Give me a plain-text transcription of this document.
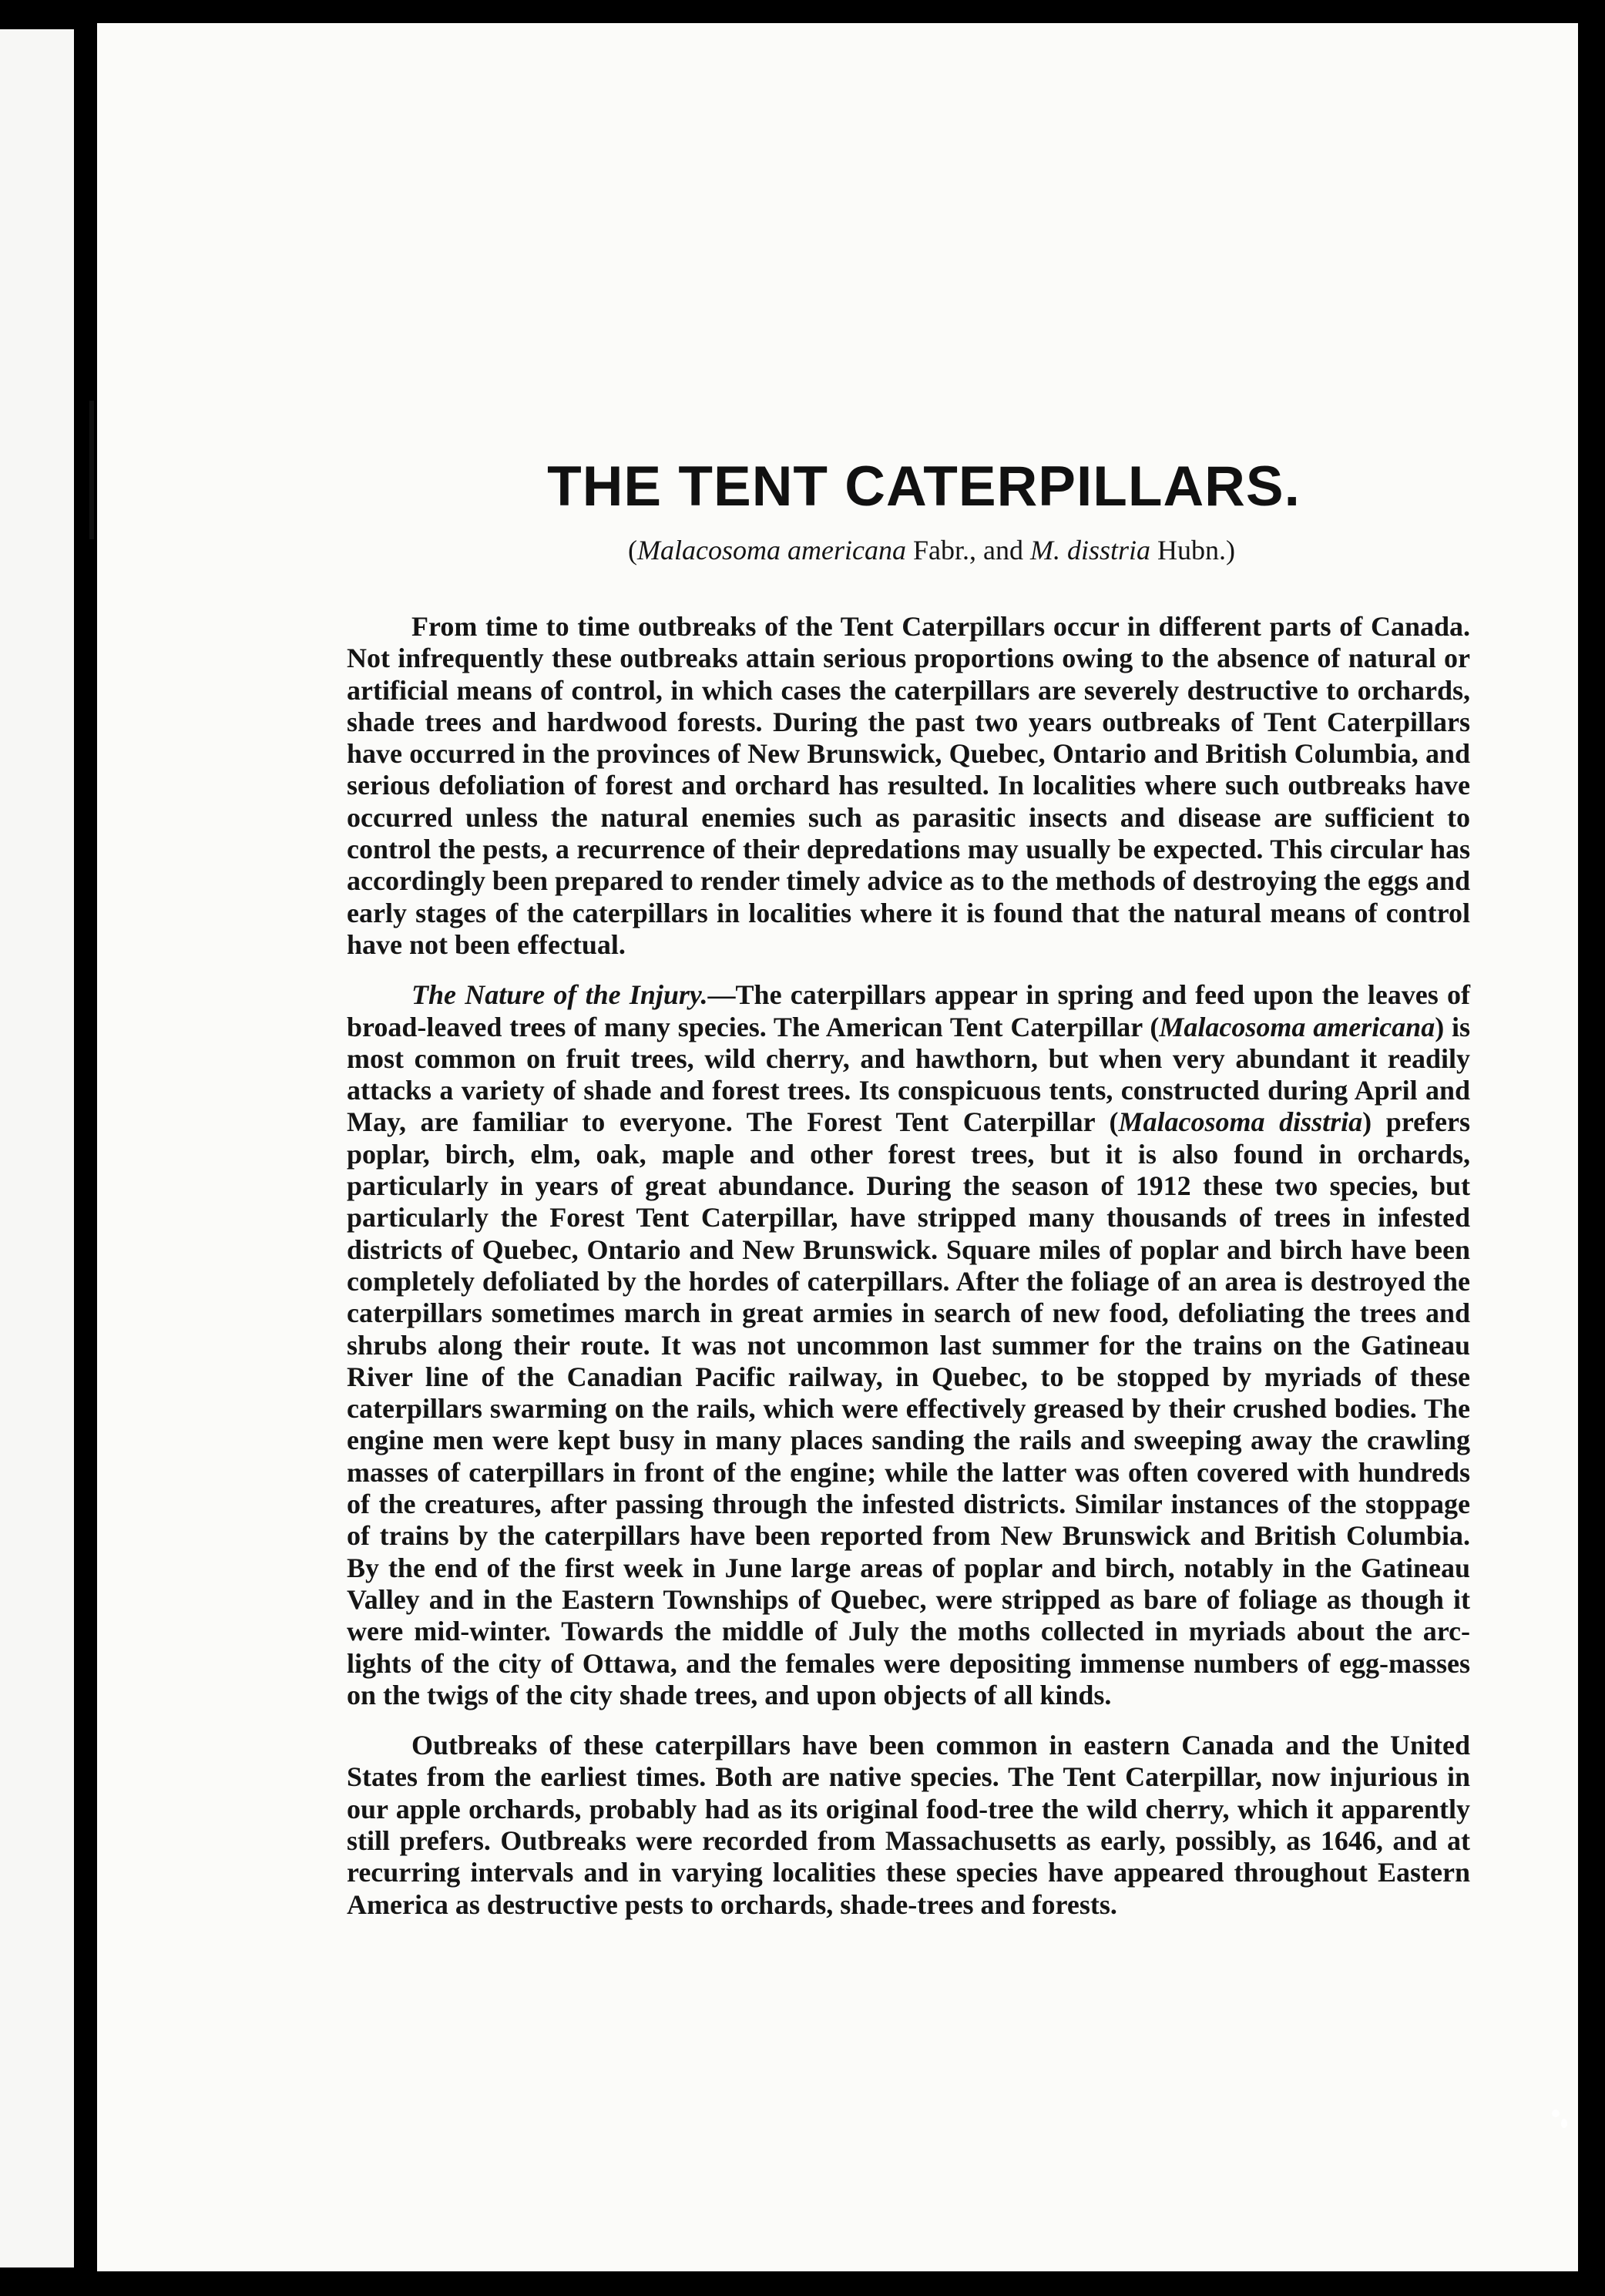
THE TENT CATERPILLARS.

(Malacosoma americana Fabr., and M. disstria Hubn.)

From time to time outbreaks of the Tent Caterpillars occur in different parts of Canada. Not infrequently these outbreaks attain serious proportions owing to the absence of natural or artificial means of control, in which cases the caterpillars are severely destructive to orchards, shade trees and hardwood forests. During the past two years outbreaks of Tent Caterpillars have occurred in the provinces of New Brunswick, Quebec, Ontario and British Columbia, and serious defoliation of forest and orchard has resulted. In localities where such outbreaks have occurred unless the natural enemies such as parasitic insects and disease are sufficient to control the pests, a recurrence of their depredations may usually be expected. This circular has accordingly been prepared to render timely advice as to the methods of destroying the eggs and early stages of the caterpillars in localities where it is found that the natural means of control have not been effectual.

The Nature of the Injury.—The caterpillars appear in spring and feed upon the leaves of broad-leaved trees of many species. The American Tent Caterpillar (Malacosoma americana) is most common on fruit trees, wild cherry, and hawthorn, but when very abundant it readily attacks a variety of shade and forest trees. Its conspicuous tents, constructed during April and May, are familiar to everyone. The Forest Tent Caterpillar (Malacosoma disstria) prefers poplar, birch, elm, oak, maple and other forest trees, but it is also found in orchards, particularly in years of great abundance. During the season of 1912 these two species, but particularly the Forest Tent Caterpillar, have stripped many thousands of trees in infested districts of Quebec, Ontario and New Brunswick. Square miles of poplar and birch have been completely defoliated by the hordes of caterpillars. After the foliage of an area is destroyed the caterpillars sometimes march in great armies in search of new food, defoliating the trees and shrubs along their route. It was not uncommon last summer for the trains on the Gatineau River line of the Canadian Pacific railway, in Quebec, to be stopped by myriads of these caterpillars swarming on the rails, which were effectively greased by their crushed bodies. The engine men were kept busy in many places sanding the rails and sweeping away the crawling masses of caterpillars in front of the engine; while the latter was often covered with hundreds of the creatures, after passing through the infested districts. Similar instances of the stoppage of trains by the caterpillars have been reported from New Brunswick and British Columbia. By the end of the first week in June large areas of poplar and birch, notably in the Gatineau Valley and in the Eastern Townships of Quebec, were stripped as bare of foliage as though it were mid-winter. Towards the middle of July the moths collected in myriads about the arc-lights of the city of Ottawa, and the females were depositing immense numbers of egg-masses on the twigs of the city shade trees, and upon objects of all kinds.

Outbreaks of these caterpillars have been common in eastern Canada and the United States from the earliest times. Both are native species. The Tent Caterpillar, now injurious in our apple orchards, probably had as its original food-tree the wild cherry, which it apparently still prefers. Outbreaks were recorded from Massachusetts as early, possibly, as 1646, and at recurring intervals and in varying localities these species have appeared throughout Eastern America as destructive pests to orchards, shade-trees and forests.
